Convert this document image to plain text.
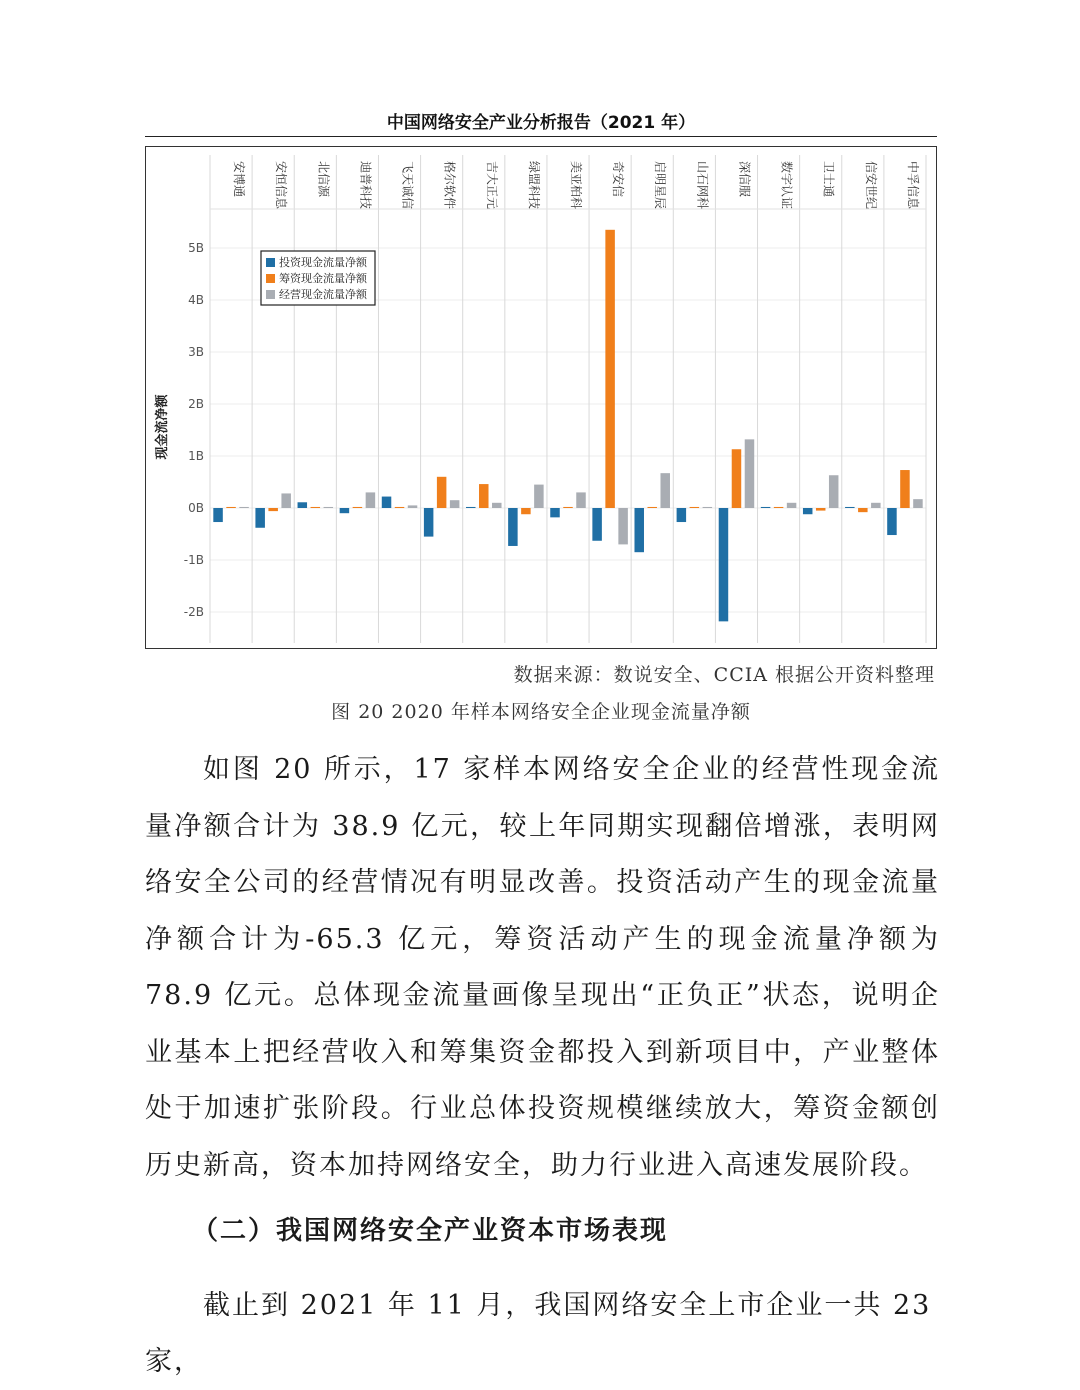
中国网络安全产业分析报告（2021 年）
5B
4B
3B
2B
1B
0B
-1B
-2B
安博通 安恒信息 北信源 迪普科技 飞天诚信 格尔软件 吉大正元 绿盟科技 美亚柏科 奇安信 启明星辰 山石网科 深信服 数字认证 卫士通 信安世纪 中孚信息
现金流净额
投资现金流量净额
筹资现金流量净额
经营现金流量净额
数据来源：数说安全、CCIA 根据公开资料整理
图 20 2020 年样本网络安全企业现金流量净额

如图 20 所示，17 家样本网络安全企业的经营性现金流量净额合计为 38.9 亿元，较上年同期实现翻倍增涨，表明网络安全公司的经营情况有明显改善。投资活动产生的现金流量净额合计为-65.3 亿元，筹资活动产生的现金流量净额为 78.9 亿元。总体现金流量画像呈现出“正负正”状态，说明企业基本上把经营收入和筹集资金都投入到新项目中，产业整体处于加速扩张阶段。行业总体投资规模继续放大，筹资金额创历史新高，资本加持网络安全，助力行业进入高速发展阶段。

（二）我国网络安全产业资本市场表现

截止到 2021 年 11 月，我国网络安全上市企业一共 23 家，
